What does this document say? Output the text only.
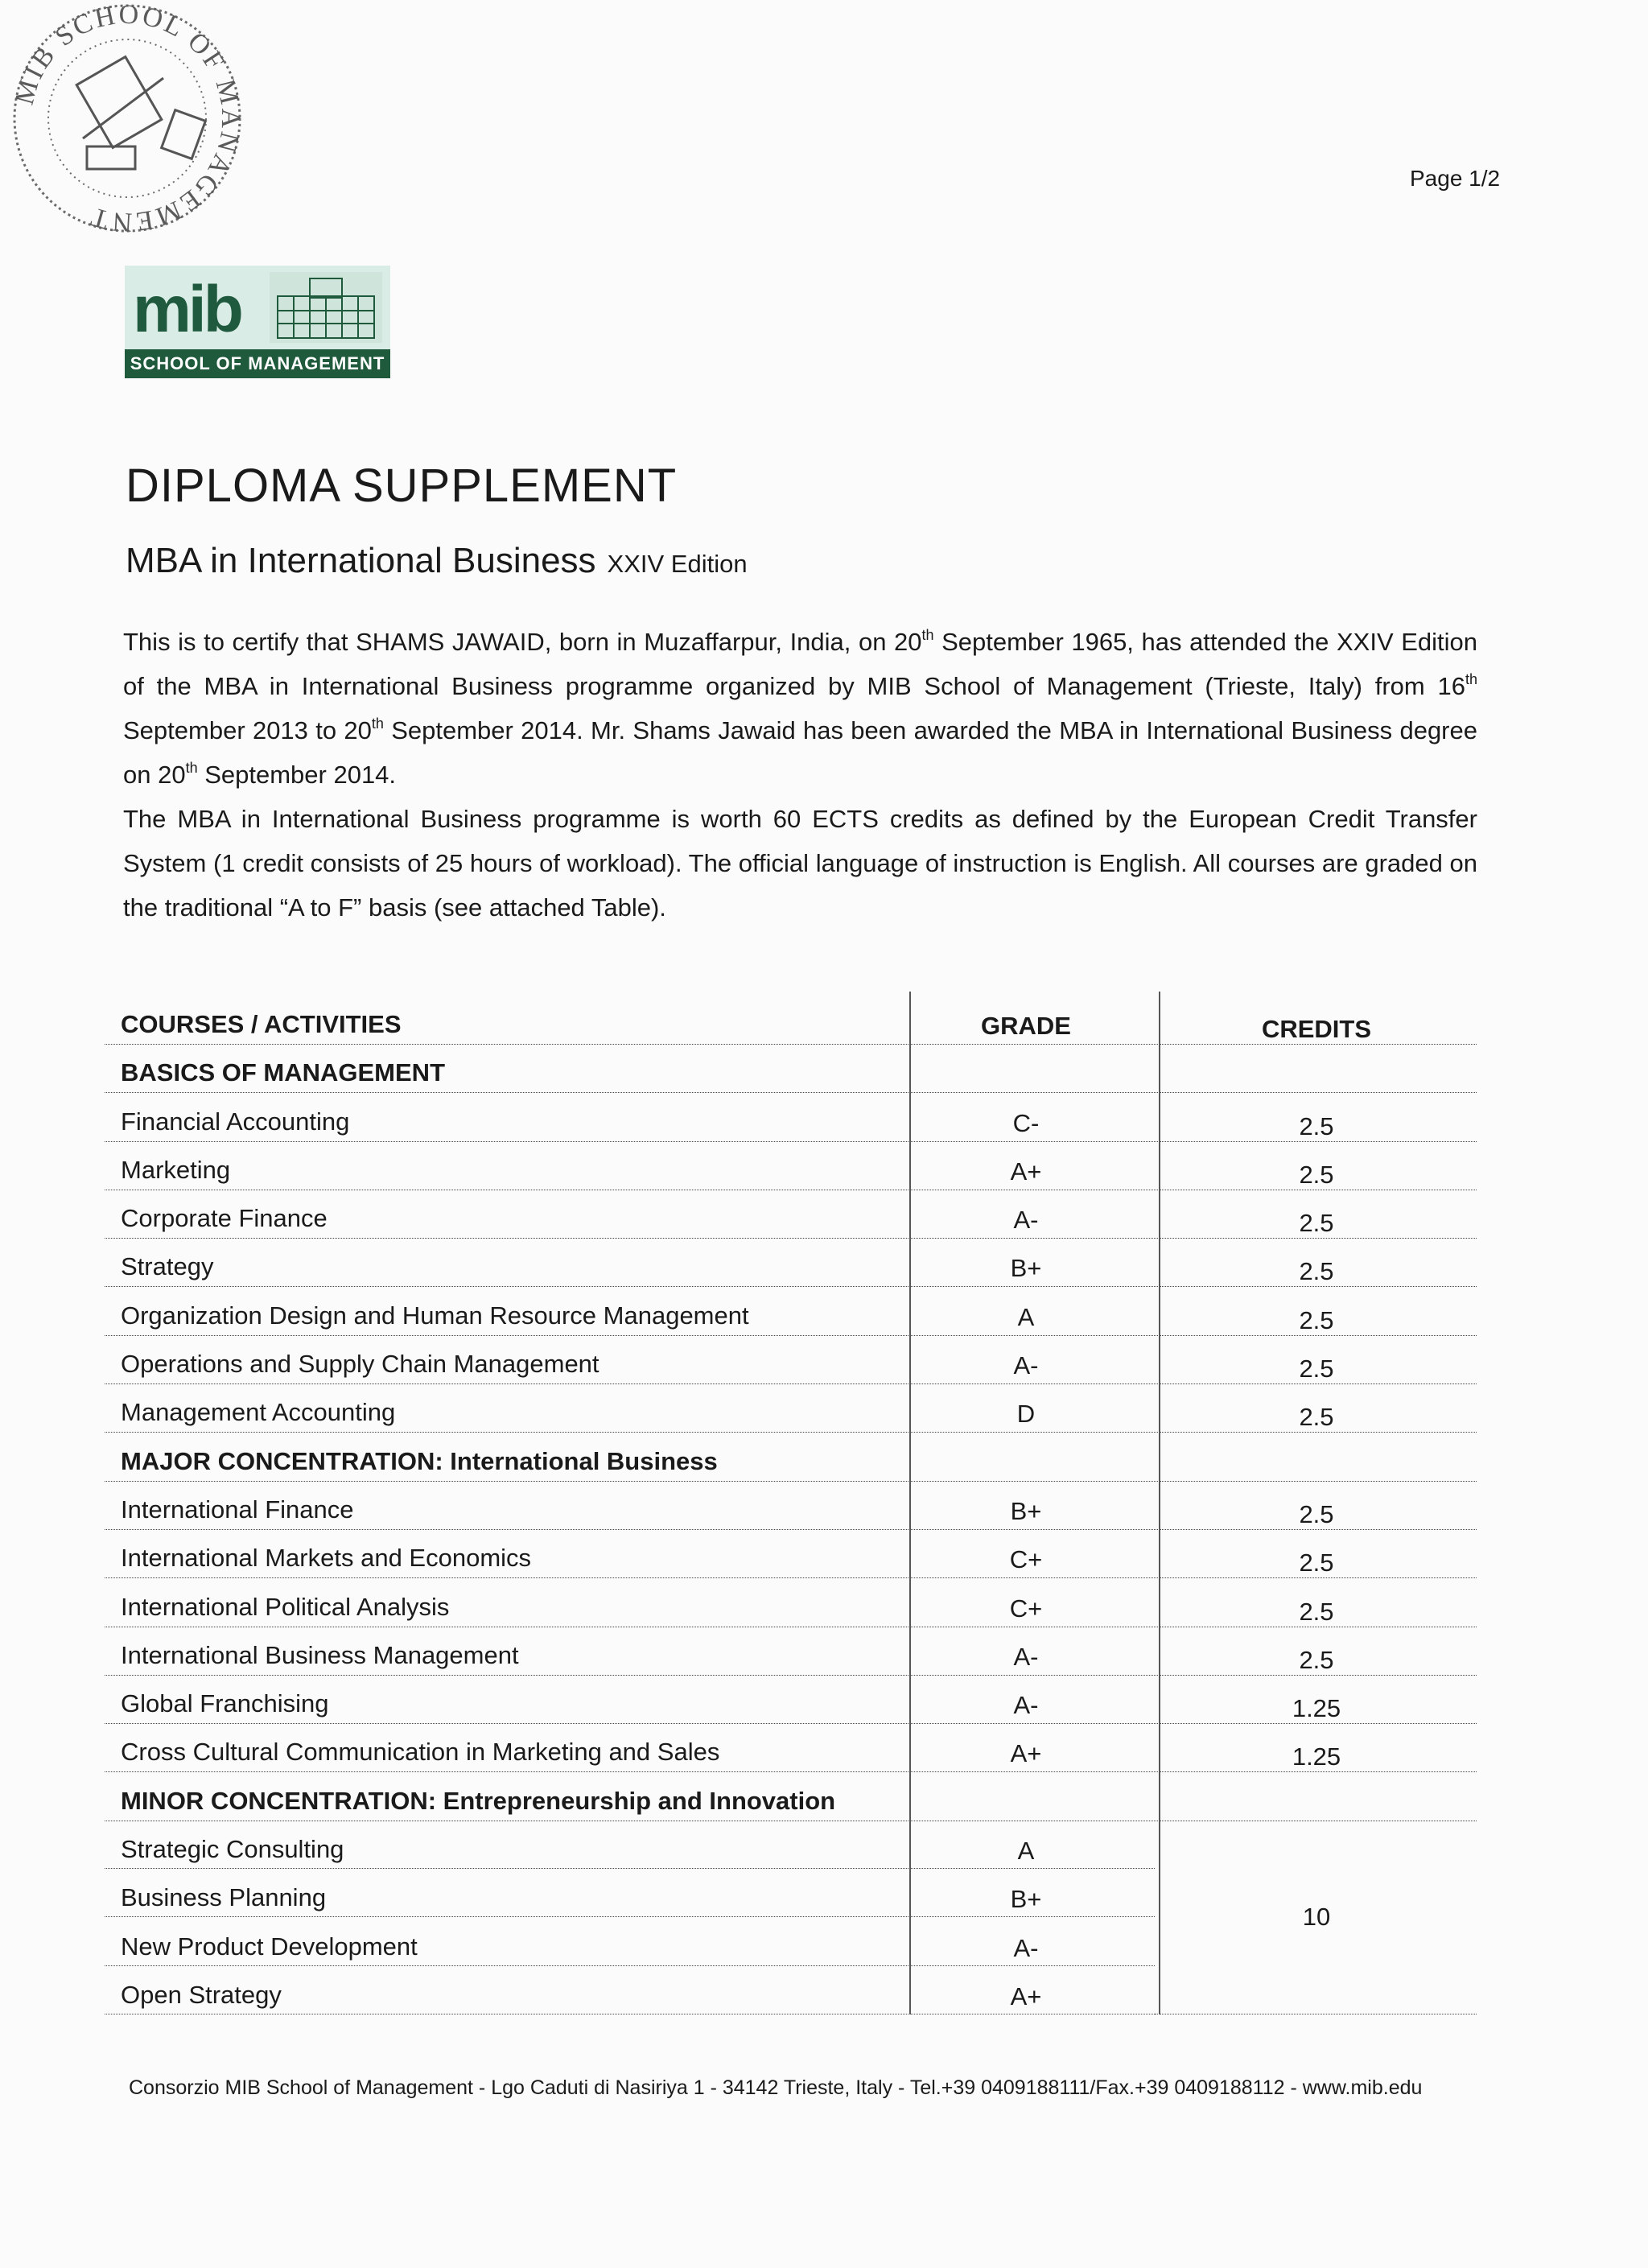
MIB SCHOOL OF MANAGEMENT
Page 1/2
mib
SCHOOL OF MANAGEMENT
DIPLOMA SUPPLEMENT
MBA in International Business XXIV Edition

This is to certify that SHAMS JAWAID, born in Muzaffarpur, India, on 20th September 1965, has attended the XXIV Edition of the MBA in International Business programme organized by MIB School of Management (Trieste, Italy) from 16th September 2013 to 20th September 2014. Mr. Shams Jawaid has been awarded the MBA in International Business degree on 20th September 2014.

The MBA in International Business programme is worth 60 ECTS credits as defined by the European Credit Transfer System (1 credit consists of 25 hours of workload). The official language of instruction is English. All courses are graded on the traditional “A to F” basis (see attached Table).

COURSES / ACTIVITIES	GRADE	CREDITS
BASICS OF MANAGEMENT
Financial Accounting	C-	2.5
Marketing	A+	2.5
Corporate Finance	A-	2.5
Strategy	B+	2.5
Organization Design and Human Resource Management	A	2.5
Operations and Supply Chain Management	A-	2.5
Management Accounting	D	2.5
MAJOR CONCENTRATION: International Business
International Finance	B+	2.5
International Markets and Economics	C+	2.5
International Political Analysis	C+	2.5
International Business Management	A-	2.5
Global Franchising	A-	1.25
Cross Cultural Communication in Marketing and Sales	A+	1.25
MINOR CONCENTRATION: Entrepreneurship and Innovation
Strategic Consulting	A
Business Planning	B+
New Product Development	A-
Open Strategy	A+
10
Consorzio MIB School of Management - Lgo Caduti di Nasiriya 1 - 34142 Trieste, Italy - Tel.+39 0409188111/Fax.+39 0409188112 - www.mib.edu
